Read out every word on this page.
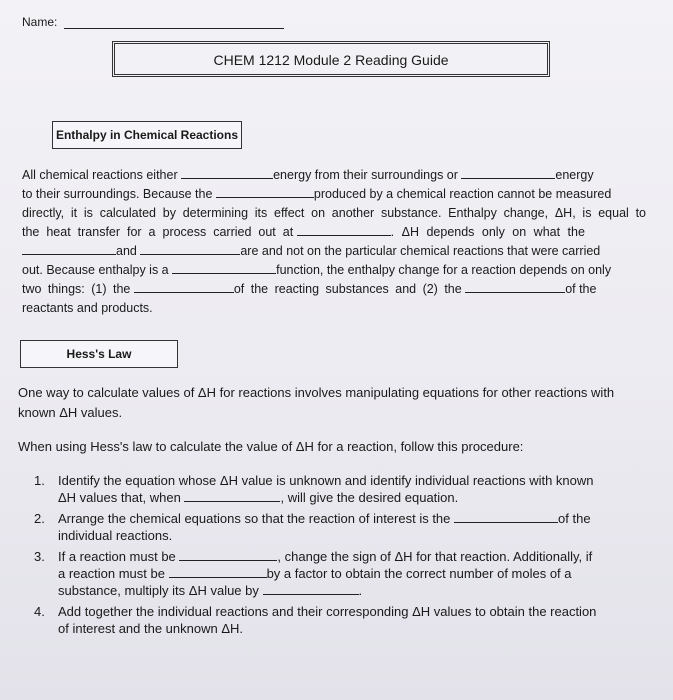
Name:
CHEM 1212 Module 2 Reading Guide
Enthalpy in Chemical Reactions
All chemical reactions either	energy from their surroundings or	energy
to their surroundings. Because the	produced by a chemical reaction cannot be measured
directly, it is calculated by determining its effect on another substance. Enthalpy change, ΔH, is equal to
the heat transfer for a process carried out at	. ΔH depends only on what the
and	are and not on the particular chemical reactions that were carried
out. Because enthalpy is a	function, the enthalpy change for a reaction depends on only
two things: (1) the	of the reacting substances and (2) the	of the
reactants and products.
Hess's Law
One way to calculate values of ΔH for reactions involves manipulating equations for other reactions with known ΔH values.
When using Hess's law to calculate the value of ΔH for a reaction, follow this procedure:
1. Identify the equation whose ΔH value is unknown and identify individual reactions with known
ΔH values that, when	, will give the desired equation.
2. Arrange the chemical equations so that the reaction of interest is the	of the
individual reactions.
3. If a reaction must be	, change the sign of ΔH for that reaction. Additionally, if
a reaction must be	by a factor to obtain the correct number of moles of a
substance, multiply its ΔH value by	.
4. Add together the individual reactions and their corresponding ΔH values to obtain the reaction
of interest and the unknown ΔH.
